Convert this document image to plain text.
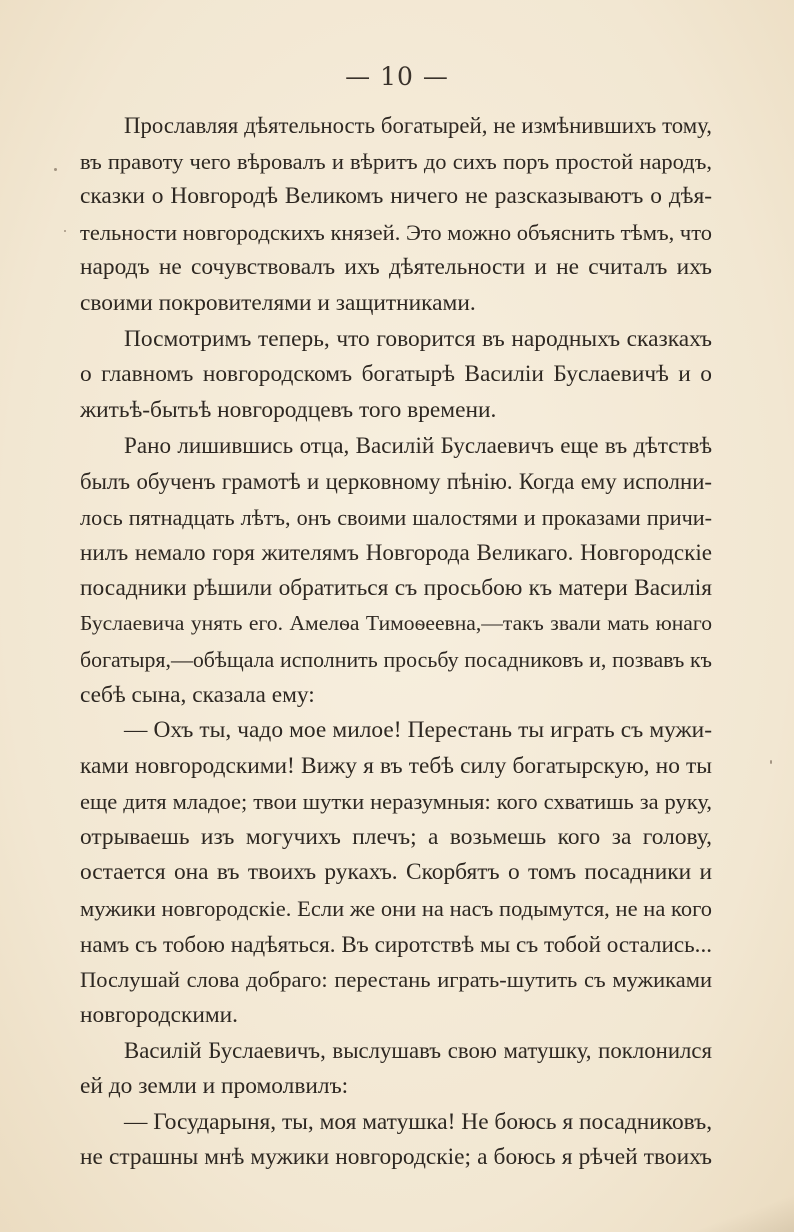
— 10 —
Прославляя дѣятельность богатырей, не измѣнившихъ тому,
въ правоту чего вѣровалъ и вѣритъ до сихъ поръ простой народъ,
сказки о Новгородѣ Великомъ ничего не разсказываютъ о дѣя-
тельности новгородскихъ князей. Это можно объяснить тѣмъ, что
народъ не сочувствовалъ ихъ дѣятельности и не считалъ ихъ
своими покровителями и защитниками.
Посмотримъ теперь, что говорится въ народныхъ сказкахъ
о главномъ новгородскомъ богатырѣ Василіи Буслаевичѣ и о
житьѣ-бытьѣ новгородцевъ того времени.
Рано лишившись отца, Василій Буслаевичъ еще въ дѣтствѣ
былъ обученъ грамотѣ и церковному пѣнію. Когда ему исполни-
лось пятнадцать лѣтъ, онъ своими шалостями и проказами причи-
нилъ немало горя жителямъ Новгорода Великаго. Новгородскіе
посадники рѣшили обратиться съ просьбою къ матери Василія
Буслаевича унять его. Амелѳа Тимоѳеевна,—такъ звали мать юнаго
богатыря,—обѣщала исполнить просьбу посадниковъ и, позвавъ къ
себѣ сына, сказала ему:
— Охъ ты, чадо мое милое! Перестань ты играть съ мужи-
ками новгородскими! Вижу я въ тебѣ силу богатырскую, но ты
еще дитя младое; твои шутки неразумныя: кого схватишь за руку,
отрываешь изъ могучихъ плечъ; а возьмешь кого за голову,
остается она въ твоихъ рукахъ. Скорбятъ о томъ посадники и
мужики новгородскіе. Если же они на насъ подымутся, не на кого
намъ съ тобою надѣяться. Въ сиротствѣ мы съ тобой остались...
Послушай слова добраго: перестань играть-шутить съ мужиками
новгородскими.
Василій Буслаевичъ, выслушавъ свою матушку, поклонился
ей до земли и промолвилъ:
— Государыня, ты, моя матушка! Не боюсь я посадниковъ,
не страшны мнѣ мужики новгородскіе; а боюсь я рѣчей твоихъ
